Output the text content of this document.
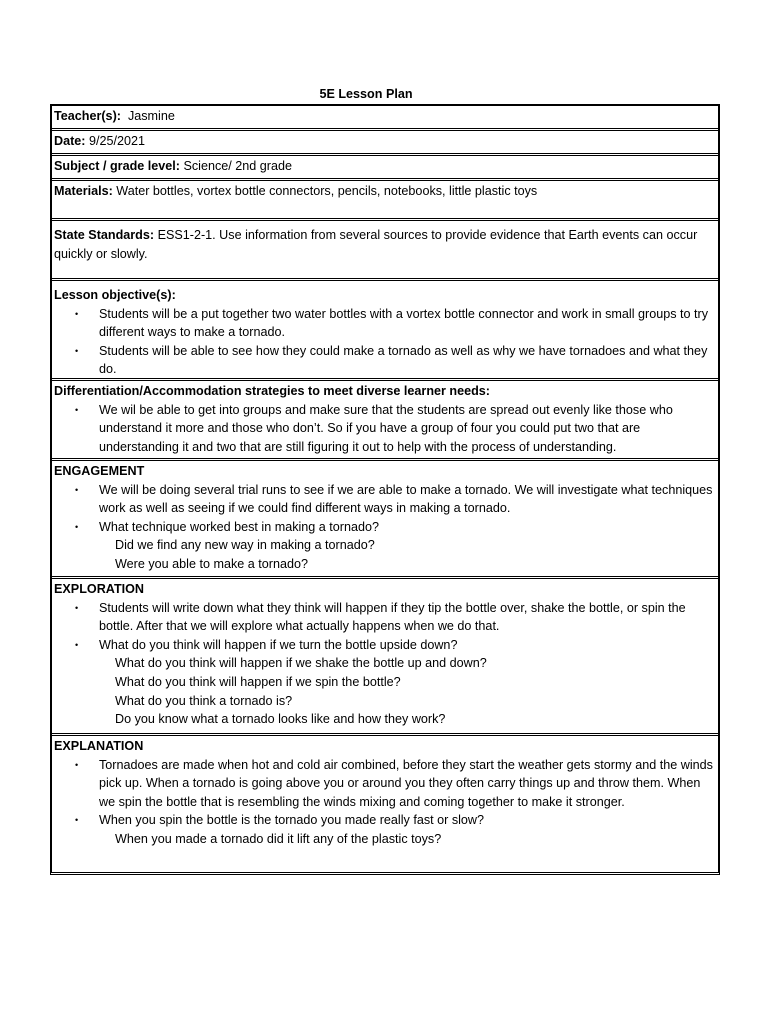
5E Lesson Plan
Teacher(s): Jasmine
Date: 9/25/2021
Subject / grade level: Science/ 2nd grade
Materials: Water bottles, vortex bottle connectors, pencils, notebooks, little plastic toys
State Standards: ESS1-2-1. Use information from several sources to provide evidence that Earth events can occur quickly or slowly.
Lesson objective(s):
• Students will be a put together two water bottles with a vortex bottle connector and work in small groups to try different ways to make a tornado.
• Students will be able to see how they could make a tornado as well as why we have tornadoes and what they do.
Differentiation/Accommodation strategies to meet diverse learner needs:
• We wil be able to get into groups and make sure that the students are spread out evenly like those who understand it more and those who don’t. So if you have a group of four you could put two that are understanding it and two that are still figuring it out to help with the process of understanding.
ENGAGEMENT
• We will be doing several trial runs to see if we are able to make a tornado. We will investigate what techniques work as well as seeing if we could find different ways in making a tornado.
• What technique worked best in making a tornado?
Did we find any new way in making a tornado?
Were you able to make a tornado?
EXPLORATION
• Students will write down what they think will happen if they tip the bottle over, shake the bottle, or spin the bottle. After that we will explore what actually happens when we do that.
• What do you think will happen if we turn the bottle upside down?
What do you think will happen if we shake the bottle up and down?
What do you think will happen if we spin the bottle?
What do you think a tornado is?
Do you know what a tornado looks like and how they work?
EXPLANATION
• Tornadoes are made when hot and cold air combined, before they start the weather gets stormy and the winds pick up. When a tornado is going above you or around you they often carry things up and throw them. When we spin the bottle that is resembling the winds mixing and coming together to make it stronger.
• When you spin the bottle is the tornado you made really fast or slow?
When you made a tornado did it lift any of the plastic toys?
